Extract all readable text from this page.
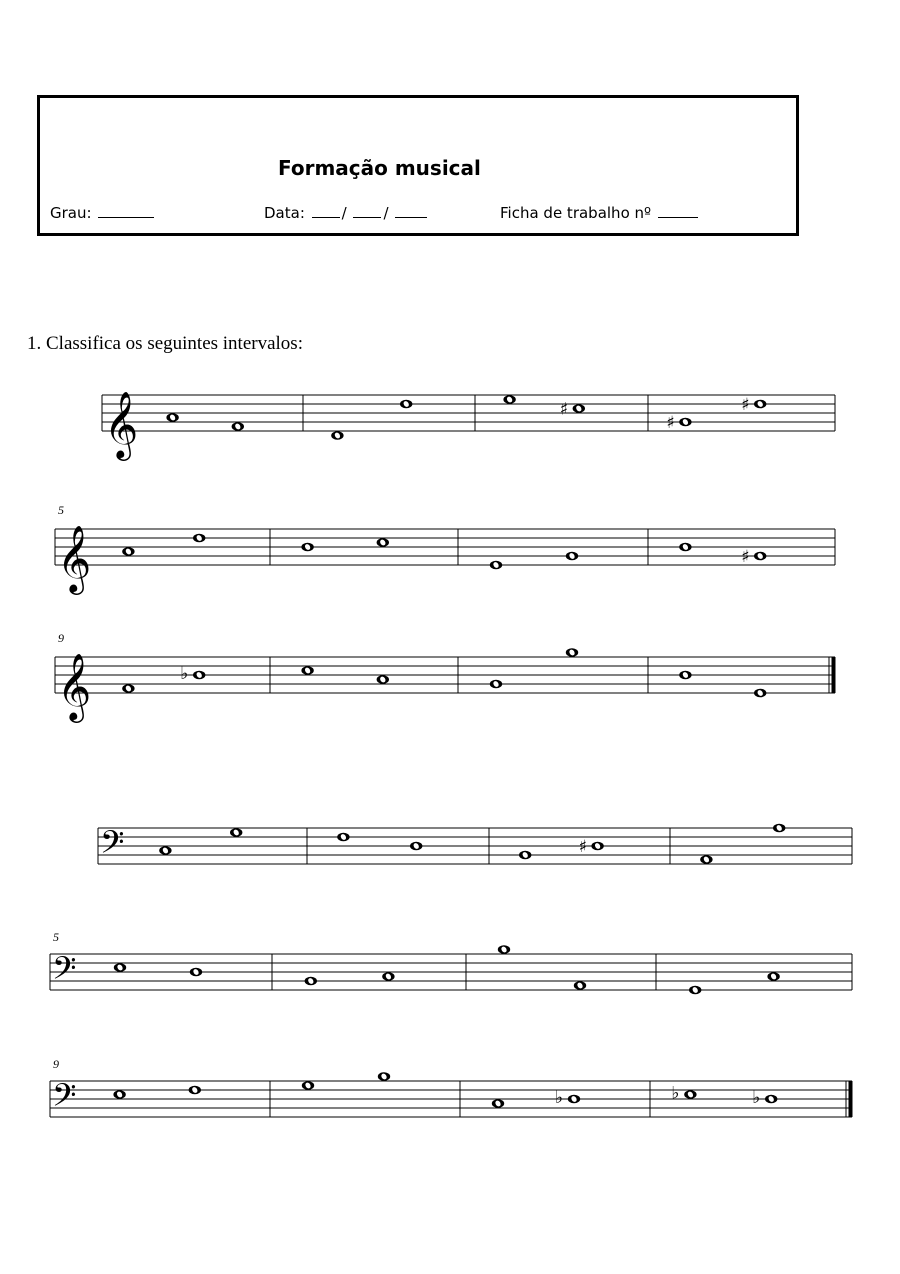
Formação musical
Grau:	Data: / /	Ficha de trabalho nº
1. Classifica os seguintes intervalos:
𝄞	♯
♯
♯
𝄞
5
♯
𝄞
9
♭
𝄢	♯
𝄢
5
𝄢
9
♭	♭	♭
